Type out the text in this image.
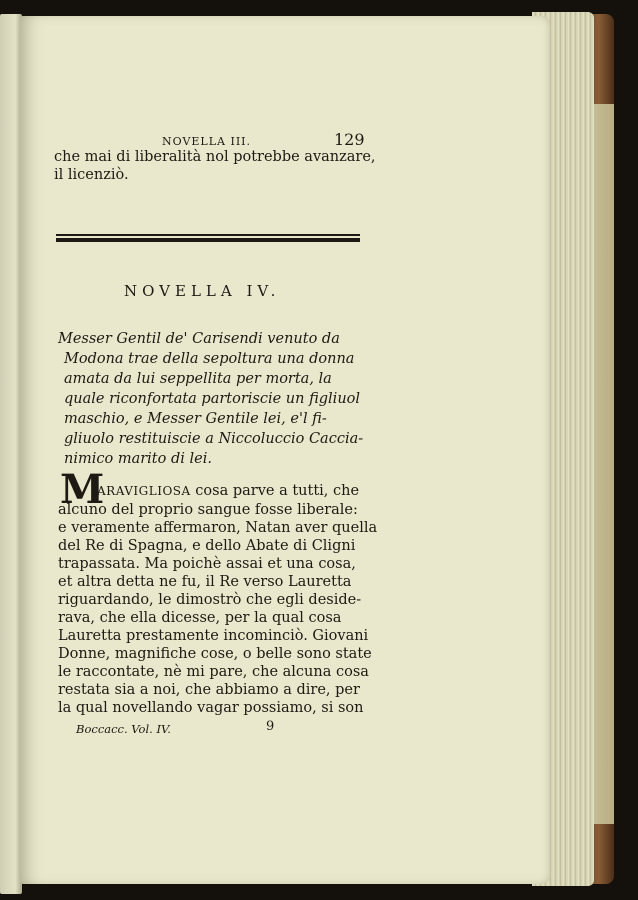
NOVELLA III.	129
che mai di liberalità nol potrebbe avanzare,
il licenziò.
NOVELLA IV.
Messer Gentil de' Carisendi venuto da
Modona trae della sepoltura una donna
amata da lui seppellita per morta, la
quale riconfortata partoriscie un figliuol
maschio, e Messer Gentile lei, e'l fi-
gliuolo restituiscie a Niccoluccio Caccia-
nimico marito di lei.
M
ARAVIGLIOSA cosa parve a tutti, che
alcuno del proprio sangue fosse liberale:
e veramente affermaron, Natan aver quella
del Re di Spagna, e dello Abate di Cligni
trapassata. Ma poichè assai et una cosa,
et altra detta ne fu, il Re verso Lauretta
riguardando, le dimostrò che egli deside-
rava, che ella dicesse, per la qual cosa
Lauretta prestamente incominciò. Giovani
Donne, magnifiche cose, o belle sono state
le raccontate, nè mi pare, che alcuna cosa
restata sia a noi, che abbiamo a dire, per
la qual novellando vagar possiamo, si son
Boccacc. Vol. IV.	9
